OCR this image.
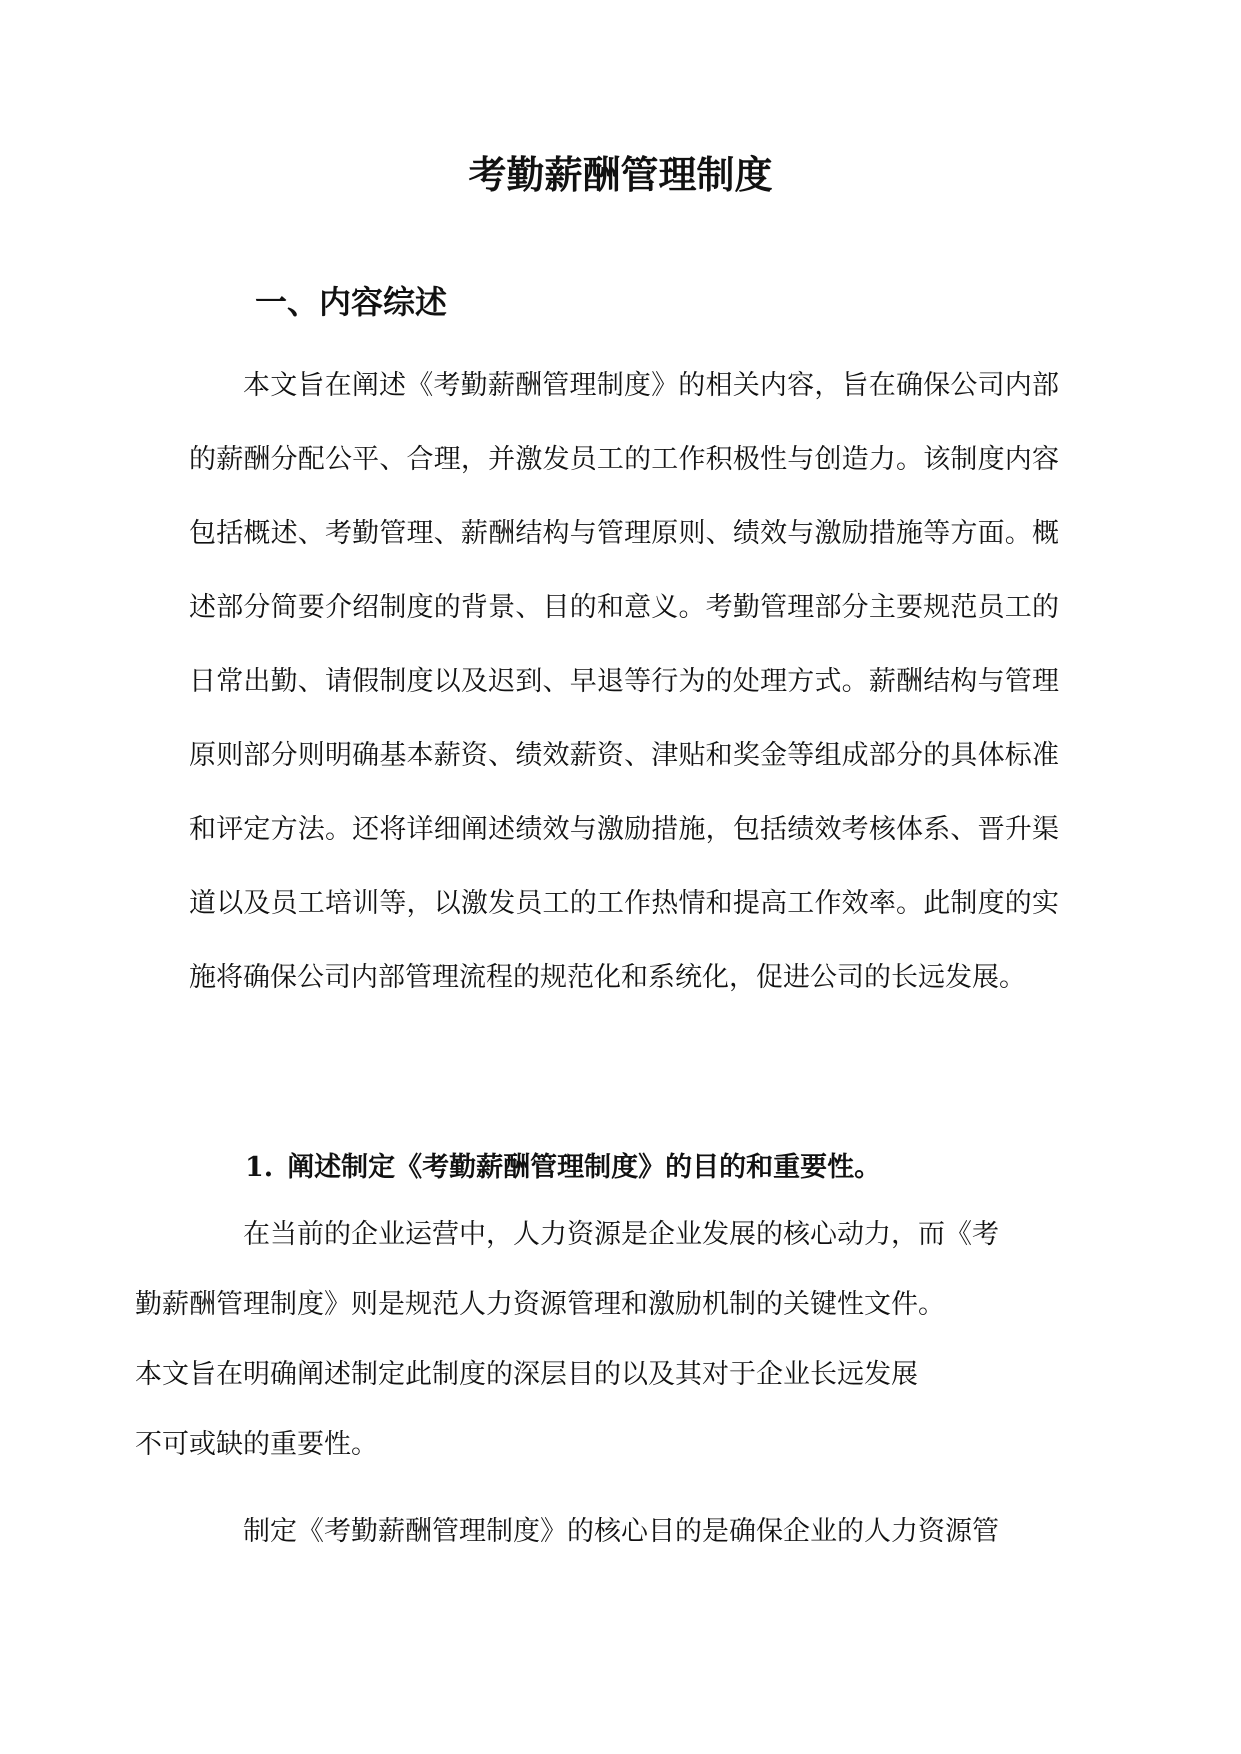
考勤薪酬管理制度
一、内容综述

本文旨在阐述《考勤薪酬管理制度》的相关内容，旨在确保公司内部的薪酬分配公平、合理，并激发员工的工作积极性与创造力。该制度内容包括概述、考勤管理、薪酬结构与管理原则、绩效与激励措施等方面。概述部分简要介绍制度的背景、目的和意义。考勤管理部分主要规范员工的日常出勤、请假制度以及迟到、早退等行为的处理方式。薪酬结构与管理原则部分则明确基本薪资、绩效薪资、津贴和奖金等组成部分的具体标准和评定方法。还将详细阐述绩效与激励措施，包括绩效考核体系、晋升渠道以及员工培训等，以激发员工的工作热情和提高工作效率。此制度的实施将确保公司内部管理流程的规范化和系统化，促进公司的长远发展。

1. 阐述制定《考勤薪酬管理制度》的目的和重要性。

在当前的企业运营中，人力资源是企业发展的核心动力，而《考
勤薪酬管理制度》则是规范人力资源管理和激励机制的关键性文件。
本文旨在明确阐述制定此制度的深层目的以及其对于企业长远发展
不可或缺的重要性。

制定《考勤薪酬管理制度》的核心目的是确保企业的人力资源管
